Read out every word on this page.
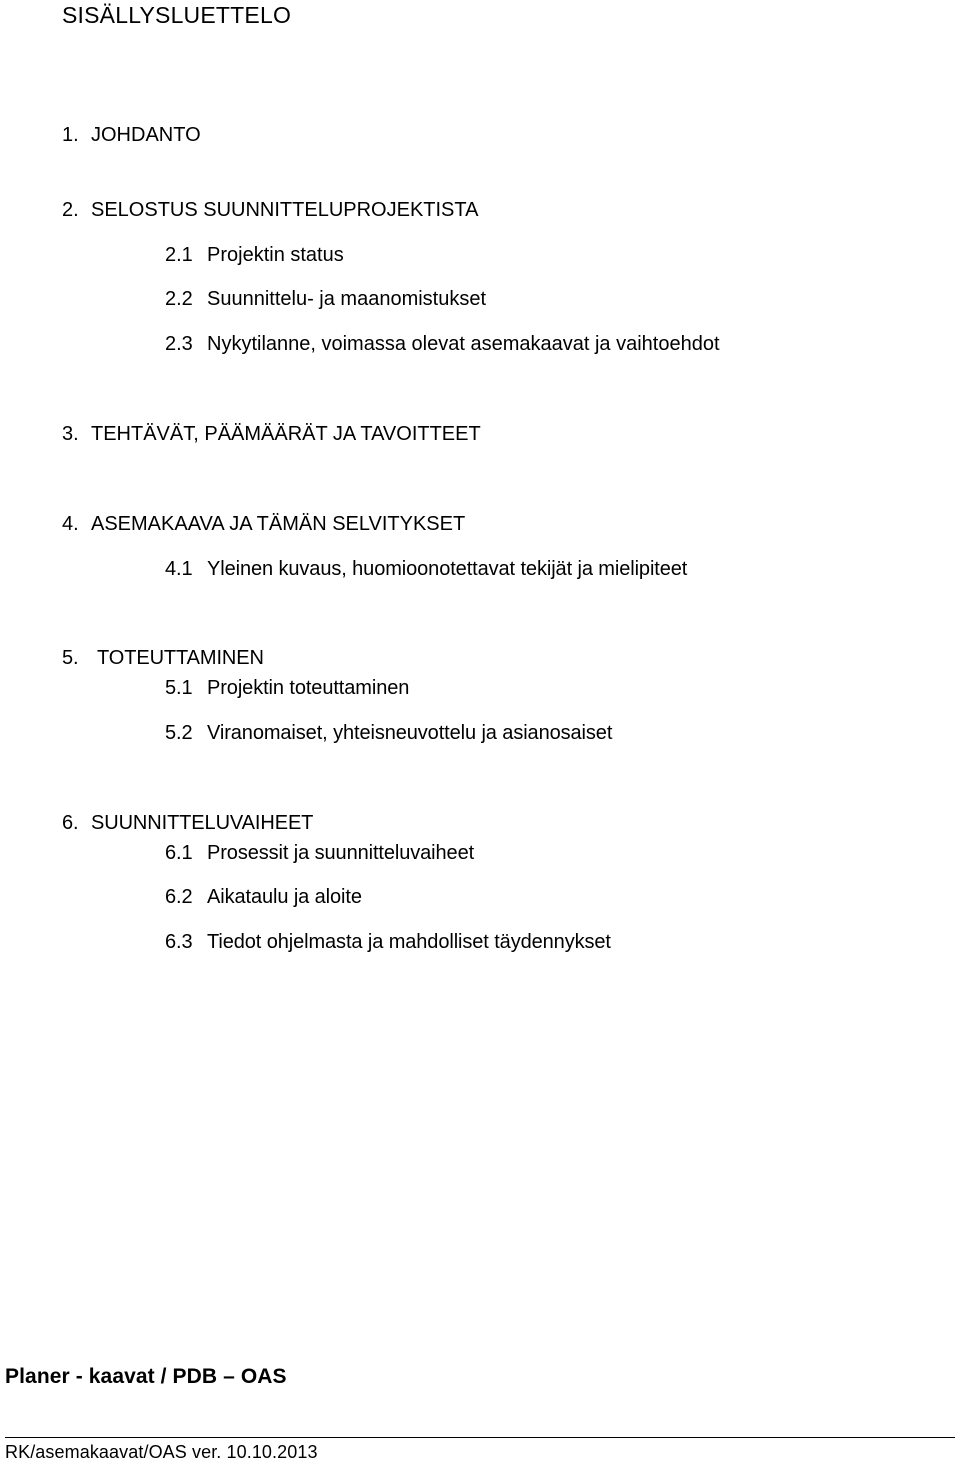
SISÄLLYSLUETTELO
1. JOHDANTO
2. SELOSTUS SUUNNITTELUPROJEKTISTA
2.1 Projektin status
2.2 Suunnittelu- ja maanomistukset
2.3 Nykytilanne, voimassa olevat asemakaavat ja vaihtoehdot
3. TEHTÄVÄT, PÄÄMÄÄRÄT JA TAVOITTEET
4. ASEMAKAAVA JA TÄMÄN SELVITYKSET
4.1 Yleinen kuvaus, huomioonotettavat tekijät ja mielipiteet
5. TOTEUTTAMINEN
5.1 Projektin toteuttaminen
5.2 Viranomaiset, yhteisneuvottelu ja asianosaiset
6. SUUNNITTELUVAIHEET
6.1 Prosessit ja suunnitteluvaiheet
6.2 Aikataulu ja aloite
6.3 Tiedot ohjelmasta ja mahdolliset täydennykset
Planer - kaavat / PDB – OAS
RK/asemakaavat/OAS ver. 10.10.2013
